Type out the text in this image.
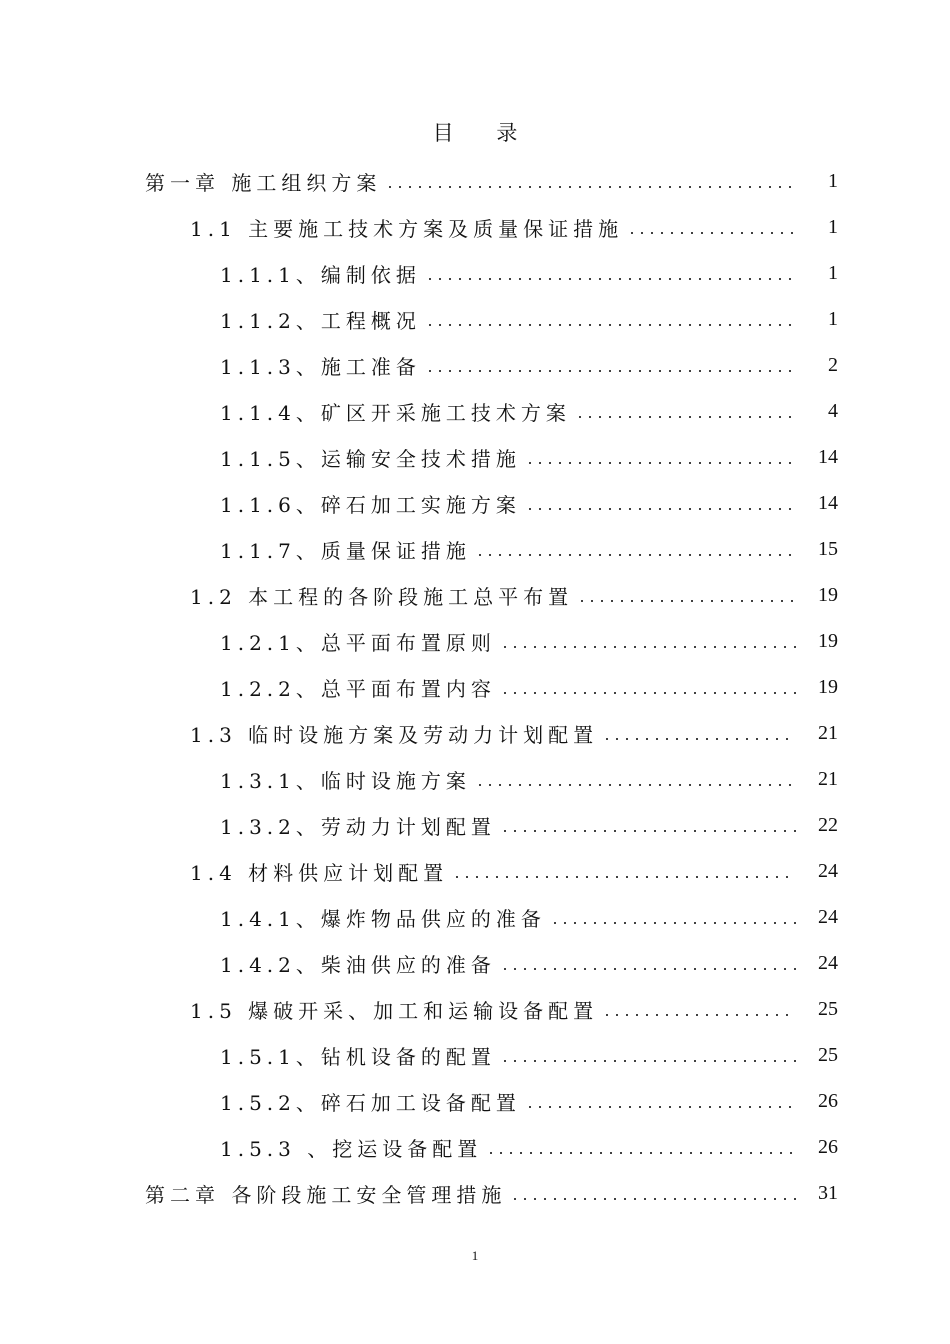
目 录
第一章 施工组织方案	1
1.1 主要施工技术方案及质量保证措施	1
1.1.1、编制依据	1
1.1.2、工程概况	1
1.1.3、施工准备	2
1.1.4、矿区开采施工技术方案	4
1.1.5、运输安全技术措施	14
1.1.6、碎石加工实施方案	14
1.1.7、质量保证措施	15
1.2 本工程的各阶段施工总平布置	19
1.2.1、总平面布置原则	19
1.2.2、总平面布置内容	19
1.3 临时设施方案及劳动力计划配置	21
1.3.1、临时设施方案	21
1.3.2、劳动力计划配置	22
1.4 材料供应计划配置	24
1.4.1、爆炸物品供应的准备	24
1.4.2、柴油供应的准备	24
1.5 爆破开采、加工和运输设备配置	25
1.5.1、钻机设备的配置	25
1.5.2、碎石加工设备配置	26
1.5.3 、挖运设备配置	26
第二章 各阶段施工安全管理措施	31
1
